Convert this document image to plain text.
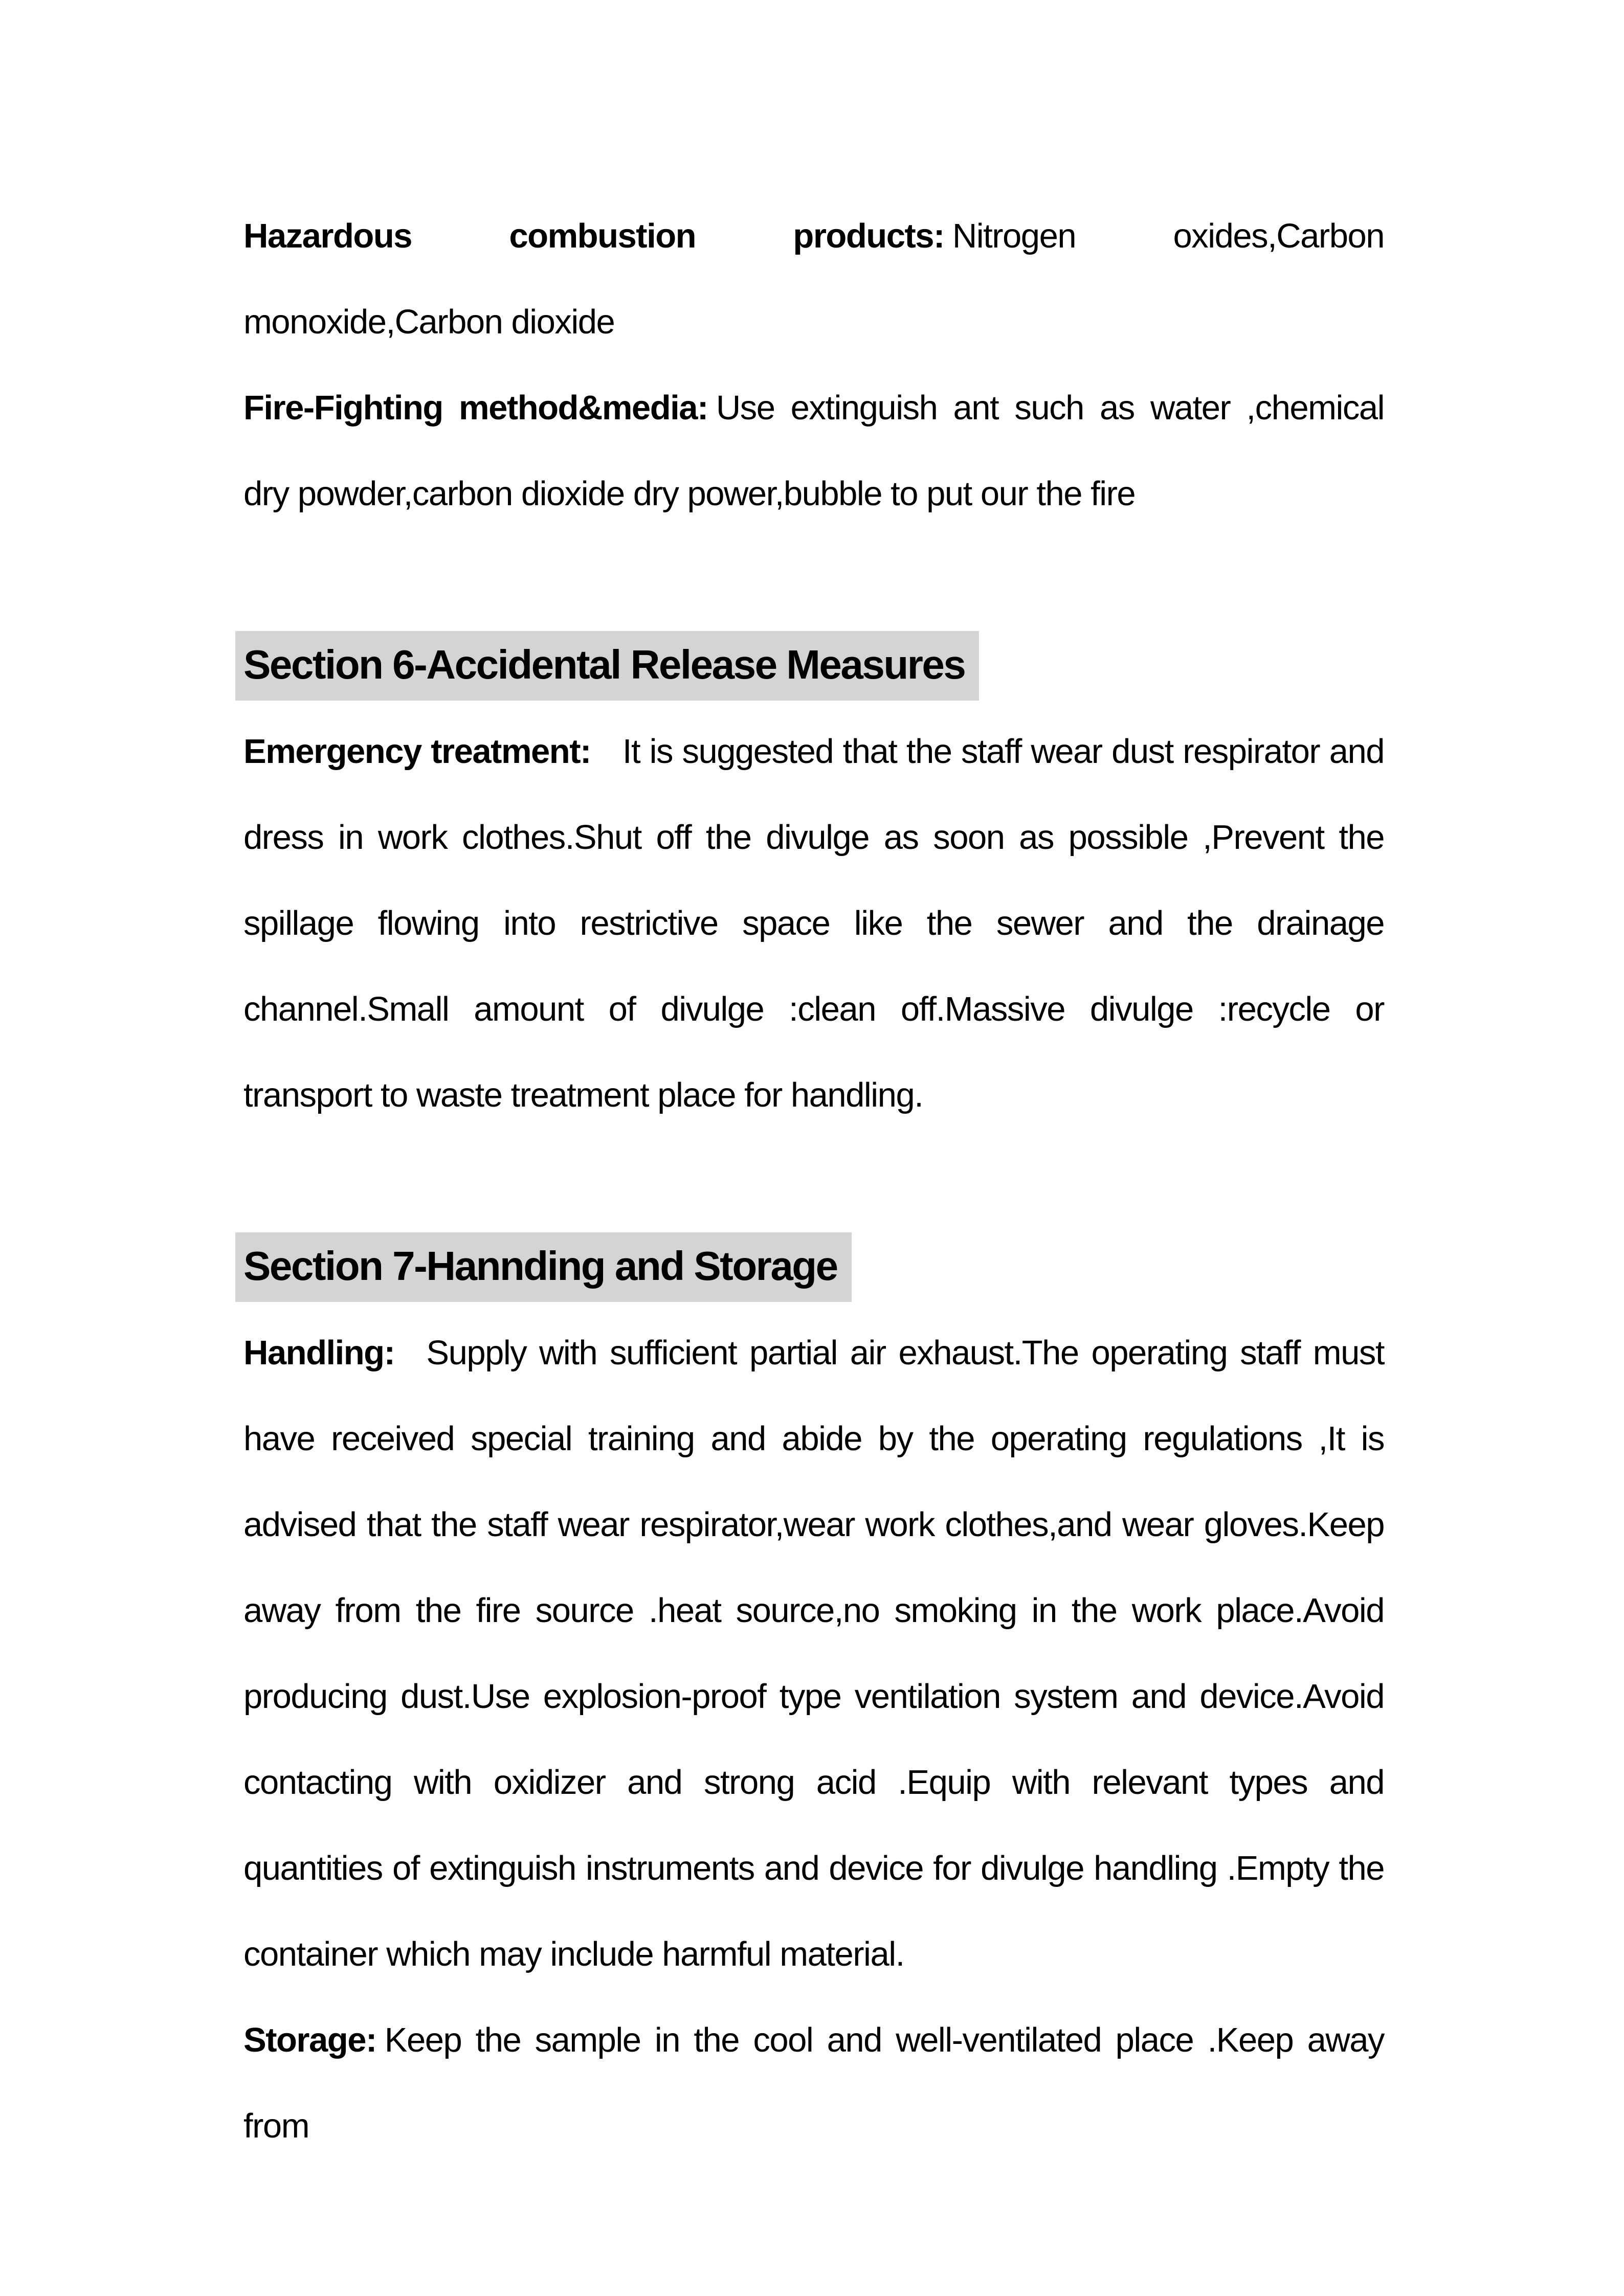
Hazardous combustion products: Nitrogen oxides,Carbon monoxide,Carbon dioxide

Fire-Fighting method&media: Use extinguish ant such as water ,chemical dry powder,carbon dioxide dry power,bubble to put our the fire

Section 6-Accidental Release Measures

Emergency treatment: It is suggested that the staff wear dust respirator and dress in work clothes.Shut off the divulge as soon as possible ,Prevent the spillage flowing into restrictive space like the sewer and the drainage channel.Small amount of divulge :clean off.Massive divulge :recycle or transport to waste treatment place for handling.

Section 7-Hannding and Storage

Handling: Supply with sufficient partial air exhaust.The operating staff must have received special training and abide by the operating regulations ,It is advised that the staff wear respirator,wear work clothes,and wear gloves.Keep away from the fire source .heat source,no smoking in the work place.Avoid producing dust.Use explosion-proof type ventilation system and device.Avoid contacting with oxidizer and strong acid .Equip with relevant types and quantities of extinguish instruments and device for divulge handling .Empty the container which may include harmful material.

Storage: Keep the sample in the cool and well-ventilated place .Keep away from
